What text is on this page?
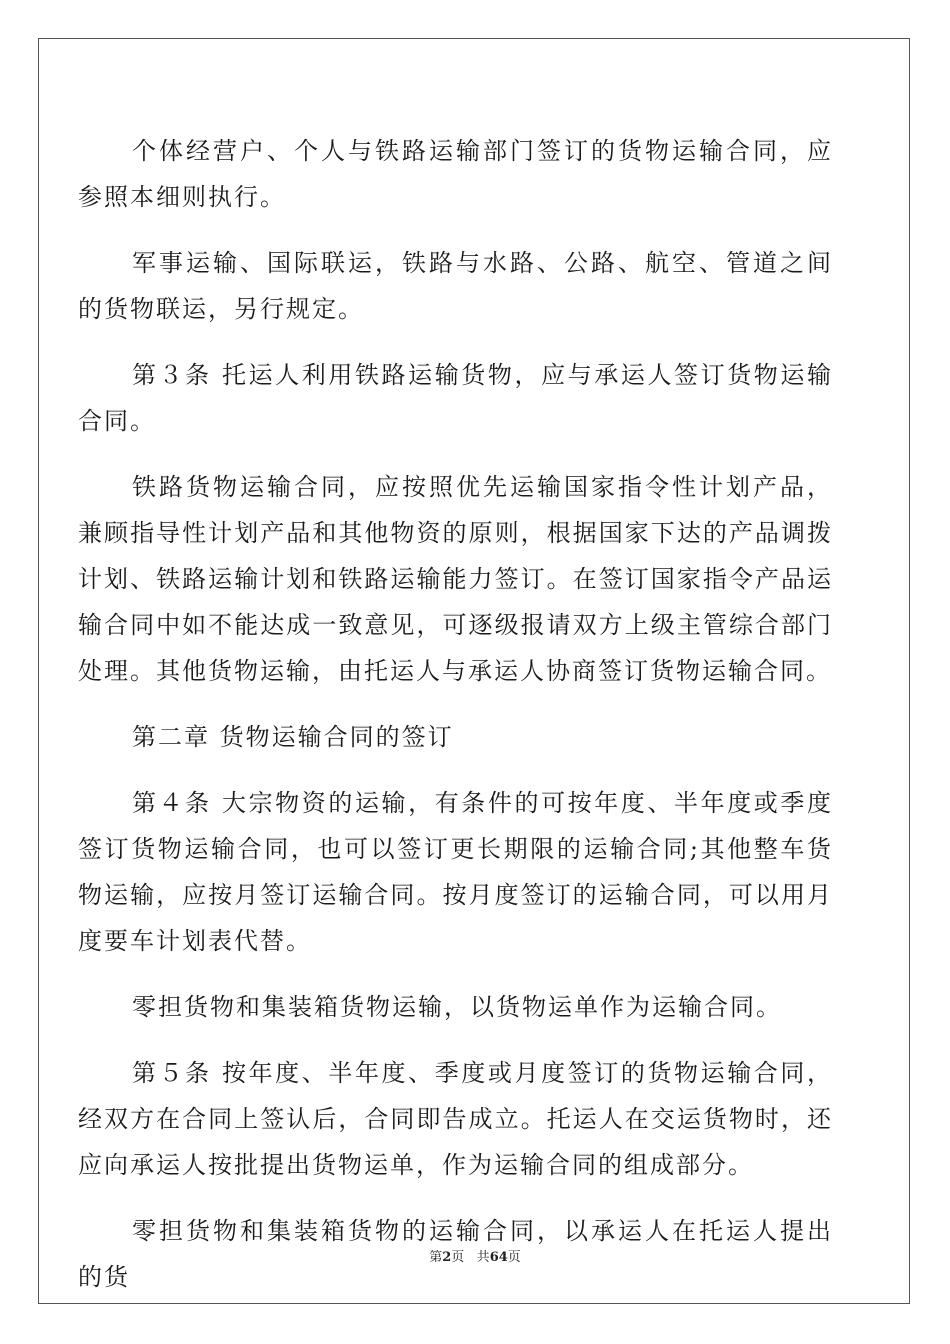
个体经营户、个人与铁路运输部门签订的货物运输合同，应参照本细则执行。

军事运输、国际联运，铁路与水路、公路、航空、管道之间的货物联运，另行规定。

第３条 托运人利用铁路运输货物，应与承运人签订货物运输合同。

铁路货物运输合同，应按照优先运输国家指令性计划产品，兼顾指导性计划产品和其他物资的原则，根据国家下达的产品调拨计划、铁路运输计划和铁路运输能力签订。在签订国家指令产品运输合同中如不能达成一致意见，可逐级报请双方上级主管综合部门处理。其他货物运输，由托运人与承运人协商签订货物运输合同。

第二章 货物运输合同的签订

第４条 大宗物资的运输，有条件的可按年度、半年度或季度签订货物运输合同，也可以签订更长期限的运输合同;其他整车货物运输，应按月签订运输合同。按月度签订的运输合同，可以用月度要车计划表代替。

零担货物和集装箱货物运输，以货物运单作为运输合同。

第５条 按年度、半年度、季度或月度签订的货物运输合同，经双方在合同上签认后，合同即告成立。托运人在交运货物时，还应向承运人按批提出货物运单，作为运输合同的组成部分。

零担货物和集装箱货物的运输合同，以承运人在托运人提出的货

第2页 共64页
